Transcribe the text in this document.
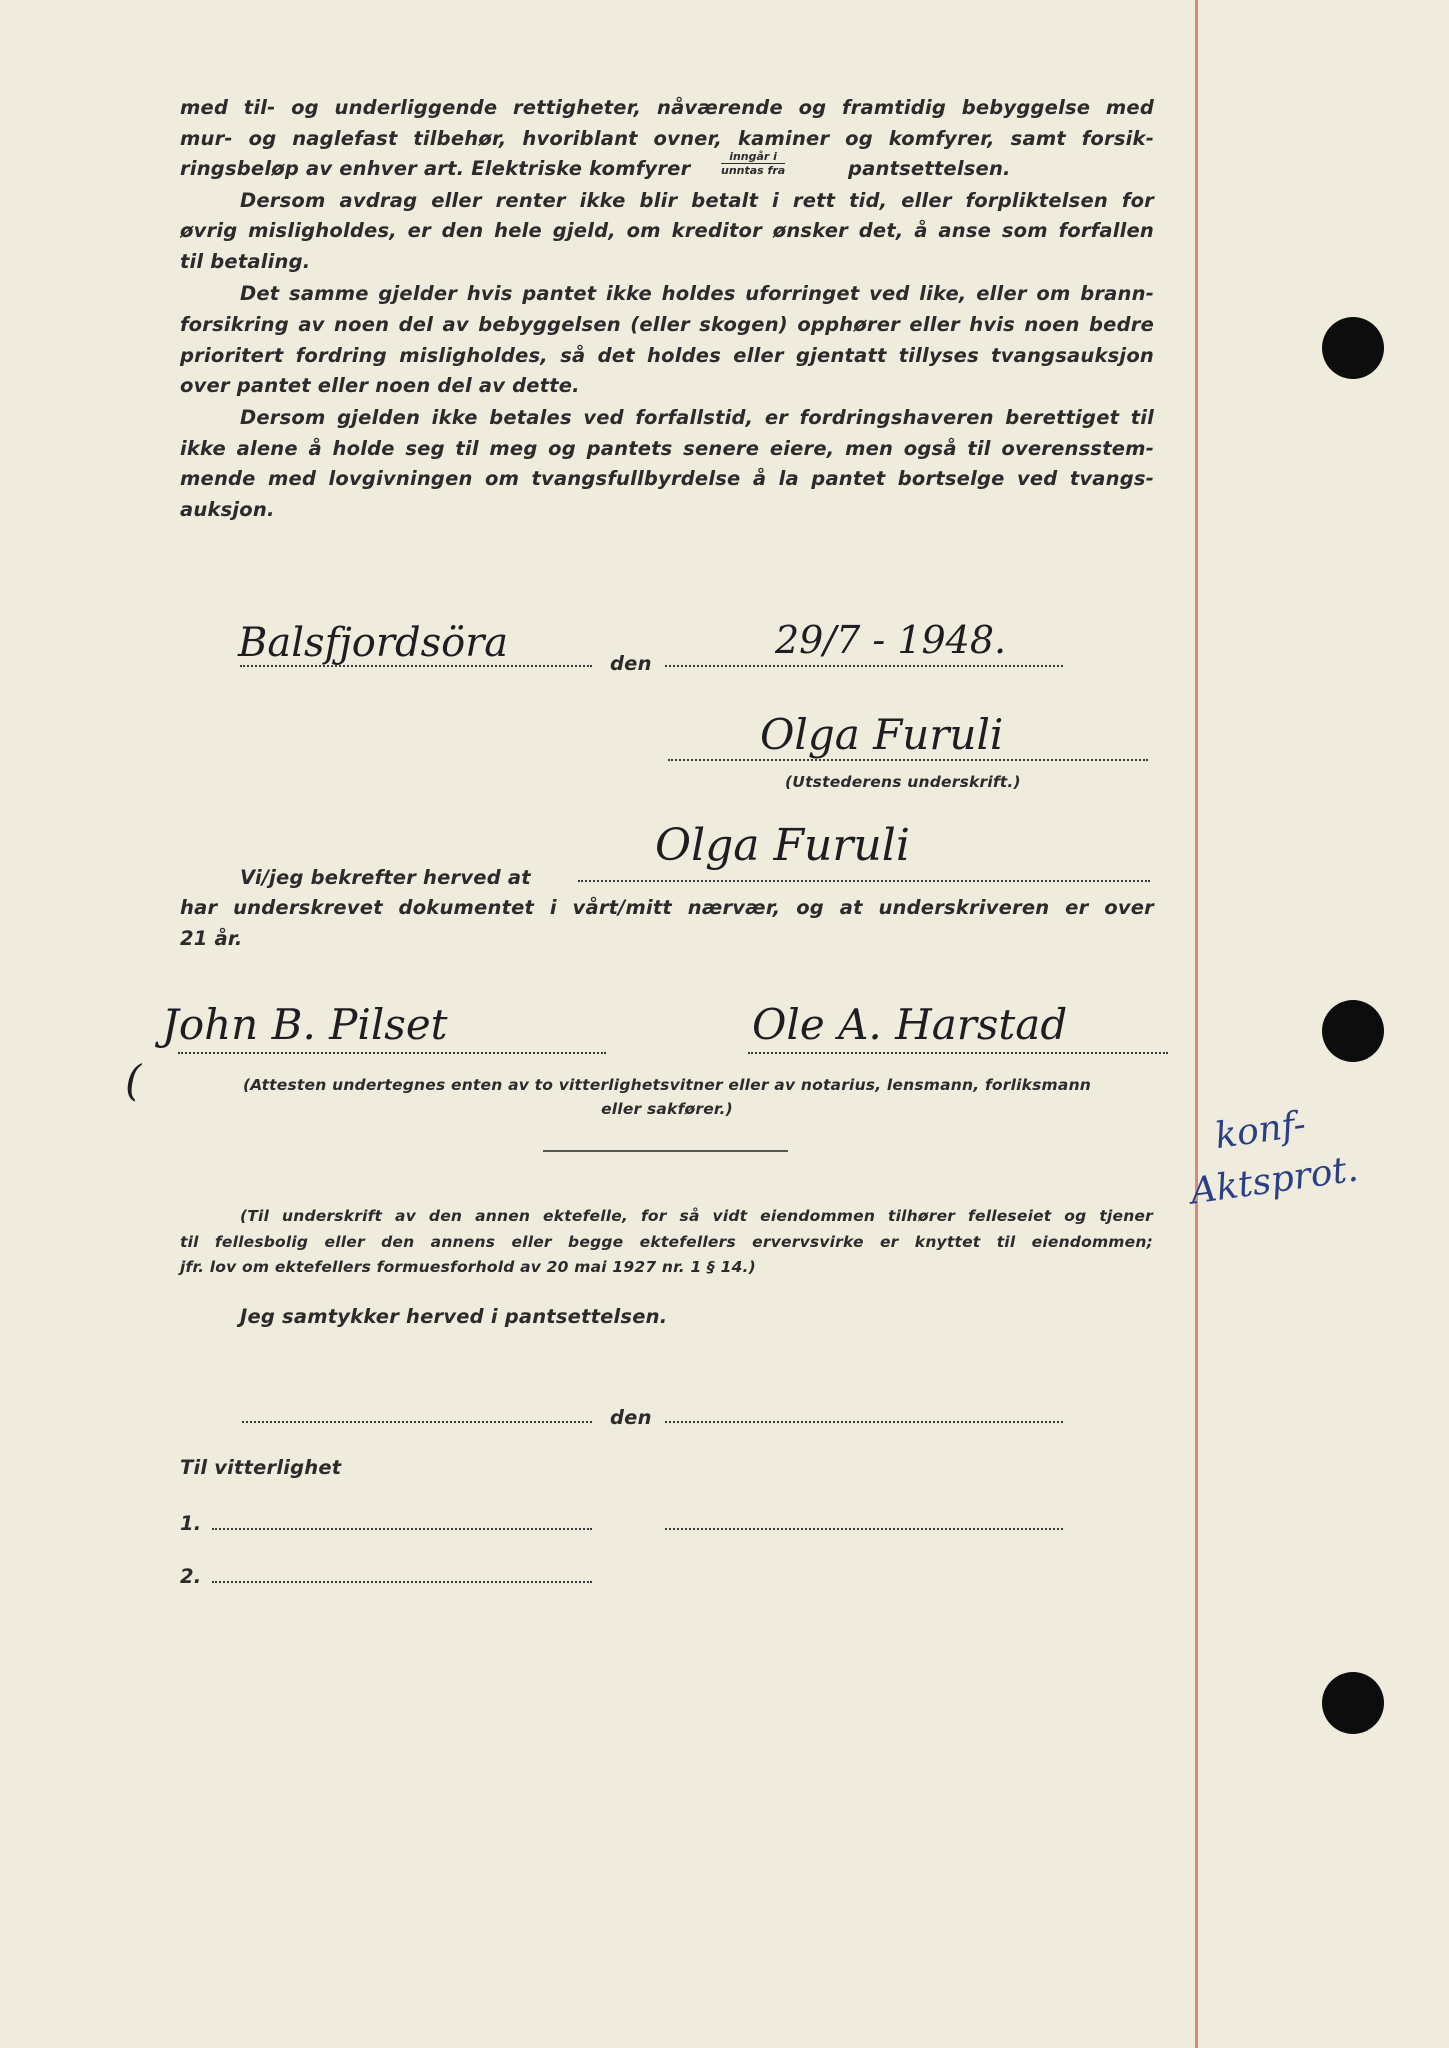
med til- og underliggende rettigheter, nåværende og framtidig bebyggelse med
mur- og naglefast tilbehør, hvoriblant ovner, kaminer og komfyrer, samt forsik-
ringsbeløp av enhver art. Elektriske komfyrer
inngår i
unntas fra	pantsettelsen.
Dersom avdrag eller renter ikke blir betalt i rett tid, eller forpliktelsen for
øvrig misligholdes, er den hele gjeld, om kreditor ønsker det, å anse som forfallen
til betaling.
Det samme gjelder hvis pantet ikke holdes uforringet ved like, eller om brann-
forsikring av noen del av bebyggelsen (eller skogen) opphører eller hvis noen bedre
prioritert fordring misligholdes, så det holdes eller gjentatt tillyses tvangsauksjon
over pantet eller noen del av dette.
Dersom gjelden ikke betales ved forfallstid, er fordringshaveren berettiget til
ikke alene å holde seg til meg og pantets senere eiere, men også til overensstem-
mende med lovgivningen om tvangsfullbyrdelse å la pantet bortselge ved tvangs-
auksjon.
Balsfjordsöra	den
29/7 - 1948.
Olga Furuli
(Utstederens underskrift.)
Vi/jeg bekrefter herved at
Olga Furuli
har underskrevet dokumentet i vårt/mitt nærvær, og at underskriveren er over
21 år.
John B. Pilset	Ole A. Harstad
(	(Attesten undertegnes enten av to vitterlighetsvitner eller av notarius, lensmann, forliksmann
eller sakfører.)
(Til underskrift av den annen ektefelle, for så vidt eiendommen tilhører felleseiet og tjener
til fellesbolig eller den annens eller begge ektefellers ervervsvirke er knyttet til eiendommen;
jfr. lov om ektefellers formuesforhold av 20 mai 1927 nr. 1 § 14.)
Jeg samtykker herved i pantsettelsen.
den
Til vitterlighet
1.
2.
konf-
Aktsprot.
